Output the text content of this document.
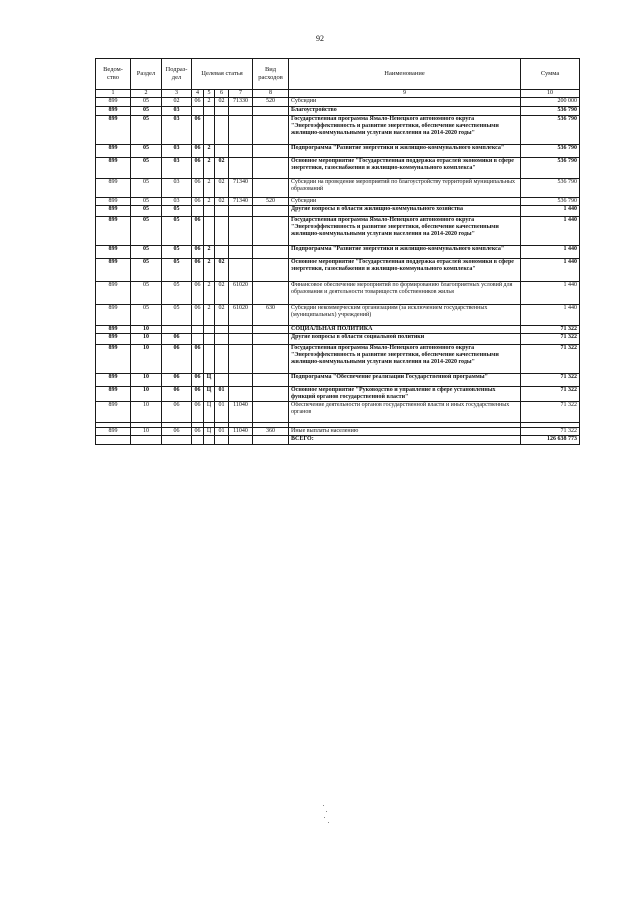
92
Ведом-ство	Раздел	Подраз-дел	Целевая статья				Вид расходов	Наименование	Сумма
1	2	3	4	5	6	7	8	9	10
899	05	02	06	2	02	71330	520	Субсидии	200 000
899	05	03						Благоустройство	536 790
899	05	03	06					Государственная программа Ямало-Ненецкого автономного округа "Энергоэффективность и развитие энергетики, обеспечение качественными жилищно-коммунальными услугами населения на 2014-2020 годы"	536 790
899	05	03	06	2				Подпрограмма "Развитие энергетики и жилищно-коммунального комплекса"	536 790
899	05	03	06	2	02			Основное мероприятие "Государственная поддержка отраслей экономики в сфере энергетики, газоснабжения и жилищно-коммунального комплекса"	536 790
899	05	03	06	2	02	71340		Субсидии на проведение мероприятий по благоустройству территорий муниципальных образований	536 790
899	05	03	06	2	02	71340	520	Субсидии	536 790
899	05	05						Другие вопросы в области жилищно-коммунального хозяйства	1 440
899	05	05	06					Государственная программа Ямало-Ненецкого автономного округа "Энергоэффективность и развитие энергетики, обеспечение качественными жилищно-коммунальными услугами населения на 2014-2020 годы"	1 440
899	05	05	06	2				Подпрограмма "Развитие энергетики и жилищно-коммунального комплекса"	1 440
899	05	05	06	2	02			Основное мероприятие "Государственная поддержка отраслей экономики в сфере энергетики, газоснабжения и жилищно-коммунального комплекса"	1 440
899	05	05	06	2	02	61020		Финансовое обеспечение мероприятий по формированию благоприятных условий для образования и деятельности товариществ собственников жилья	1 440
899	05	05	06	2	02	61020	630	Субсидии некоммерческим организациям (за исключением государственных (муниципальных) учреждений)	1 440
899	10							СОЦИАЛЬНАЯ ПОЛИТИКА	71 322
899	10	06						Другие вопросы в области социальной политики	71 322
899	10	06	06					Государственная программа Ямало-Ненецкого автономного округа "Энергоэффективность и развитие энергетики, обеспечение качественными жилищно-коммунальными услугами населения на 2014-2020 годы"	71 322
899	10	06	06	Ц				Подпрограмма "Обеспечение реализации Государственной программы"	71 322
899	10	06	06	Ц	01			Основное мероприятие "Руководство и управление в сфере установленных функций органов государственной власти"	71 322
899	10	06	06	Ц	01	11040		Обеспечение деятельности органов государственной власти и иных государственных органов	71 322

899	10	06	06	Ц	01	11040	360	Иные выплаты населению	71 322
								ВСЕГО:	126 638 773
